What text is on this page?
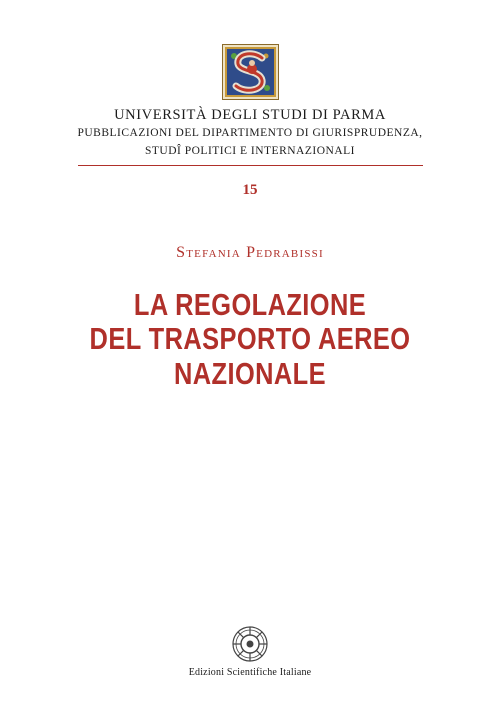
UNIVERSITÀ DEGLI STUDI DI PARMA
PUBBLICAZIONI DEL DIPARTIMENTO DI GIURISPRUDENZA,
STUDÎ POLITICI E INTERNAZIONALI
15
Stefania Pedrabissi
LA REGOLAZIONE
DEL TRASPORTO AEREO
NAZIONALE
Edizioni Scientifiche Italiane
